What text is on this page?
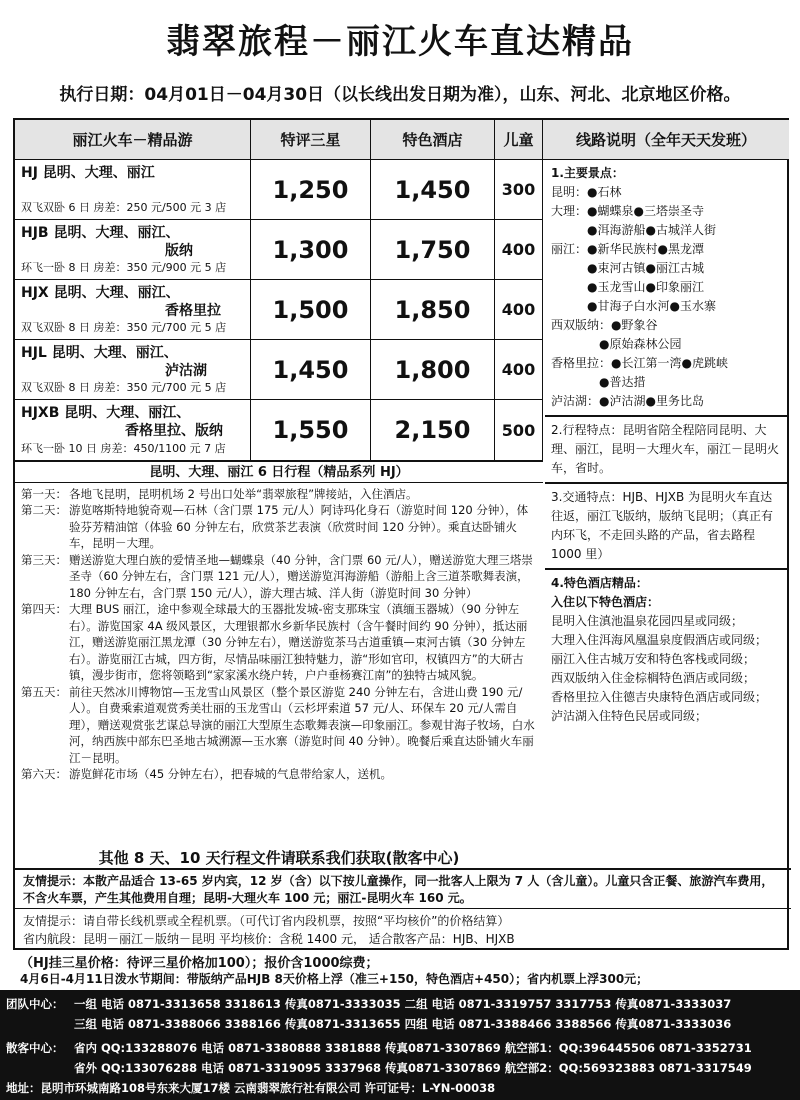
翡翠旅程－丽江火车直达精品
执行日期：04月01日－04月30日（以长线出发日期为准），山东、河北、北京地区价格。
丽江火车－精品游	特评三星	特色酒店	儿童	线路说明（全年天天发班）
HJ 昆明、大理、丽江
双飞双卧 6 日 房差：250 元/500 元 3 店
1,250	1,450	300
HJB 昆明、大理、丽江、
版纳
环飞一卧 8 日 房差：350 元/900 元 5 店
1,300	1,750	400
HJX 昆明、大理、丽江、
香格里拉
双飞双卧 8 日 房差：350 元/700 元 5 店
1,500	1,850	400
HJL 昆明、大理、丽江、
泸沽湖
双飞双卧 8 日 房差：350 元/700 元 5 店
1,450	1,800	400
HJXB 昆明、大理、丽江、
香格里拉、版纳
环飞一卧 10 日 房差：450/1100 元 7 店
1,550	2,150	500
1.主要景点：
昆明：●石林
大理：●蝴蝶泉●三塔崇圣寺
　　　●洱海游船●古城洋人街
丽江：●新华民族村●黑龙潭
　　　●束河古镇●丽江古城
　　　●玉龙雪山●印象丽江
　　　●甘海子白水河●玉水寨
西双版纳：●野象谷
　　　　●原始森林公园
香格里拉：●长江第一湾●虎跳峡
　　　　●普达措
泸沽湖：●泸沽湖●里务比岛
2.行程特点：昆明省陪全程陪同昆明、大理、丽江，昆明－大理火车，丽江－昆明火车，省时。
3.交通特点：HJB、HJXB 为昆明火车直达往返，丽江飞版纳，版纳飞昆明；（真正有内环飞，不走回头路的产品，省去路程 1000 里）
4.特色酒店精品：
入住以下特色酒店：
昆明入住滇池温泉花园四星或同级；
大理入住洱海风凰温泉度假酒店或同级；
丽江入住古城万安和特色客栈或同级；
西双版纳入住金棕榈特色酒店或同级；
香格里拉入住德吉央康特色酒店或同级；
泸沽湖入住特色民居或同级；
昆明、大理、丽江 6 日行程（精品系列 HJ）
第一天： 各地飞昆明，昆明机场 2 号出口处举“翡翠旅程”牌接站，入住酒店。
第二天： 游览喀斯特地貌奇观—石林（含门票 175 元/人）阿诗玛化身石（游览时间 120 分钟），体验芬芳精油馆（体验 60 分钟左右，欣赏茶艺表演（欣赏时间 120 分钟）。乘直达卧铺火车，昆明－大理。
第三天： 赠送游览大理白族的爱情圣地—蝴蝶泉（40 分钟，含门票 60 元/人），赠送游览大理三塔崇圣寺（60 分钟左右，含门票 121 元/人），赠送游览洱海游船（游船上含三道茶歌舞表演，180 分钟左右，含门票 150 元/人），游大理古城、洋人街（游览时间 30 分钟）
第四天： 大理 BUS 丽江，途中参观全球最大的玉器批发城-密支那珠宝（滇缅玉器城）（90 分钟左右）。游览国家 4A 级风景区，大理银都水乡新华民族村（含午餐时间约 90 分钟），抵达丽江，赠送游览丽江黑龙潭（30 分钟左右），赠送游览茶马古道重镇—束河古镇（30 分钟左右）。游览丽江古城，四方街，尽情品味丽江独特魅力，游“形如官印，权镇四方”的大研古镇，漫步街市，您将领略到“家家溪水绕户转，户户垂杨赛江南”的独特古城风貌。
第五天： 前往天然冰川博物馆—玉龙雪山风景区（整个景区游览 240 分钟左右，含进山费 190 元/人）。自费乘索道观赏秀美壮丽的玉龙雪山（云杉坪索道 57 元/人、环保车 20 元/人需自理），赠送观赏张艺谋总导演的丽江大型原生态歌舞表演—印象丽江。参观甘海子牧场，白水河，纳西族中部东巴圣地古城溯源—玉水寨（游览时间 40 分钟）。晚餐后乘直达卧铺火车丽江－昆明。
第六天： 游览鲜花市场（45 分钟左右），把春城的气息带给家人，送机。
其他 8 天、10 天行程文件请联系我们获取(散客中心)
友情提示：本散产品适合 13-65 岁内宾，12 岁（含）以下按儿童操作，同一批客人上限为 7 人（含儿童）。儿童只含正餐、旅游汽车费用，不含火车票，产生其他费用自理；昆明-大理火车 100 元；丽江-昆明火车 160 元。
友情提示：请自带长线机票或全程机票。（可代订省内段机票，按照“平均核价”的价格结算）
省内航段：昆明－丽江－版纳－昆明 平均核价：含税 1400 元， 适合散客产品：HJB、HJXB
（HJ挂三星价格：待评三星价格加100）；报价含1000综费；
4月6日-4月11日泼水节期间：带版纳产品HJB 8天价格上浮（准三+150，特色酒店+450）；省内机票上浮300元；
团队中心： 一组 电话 0871-3313658 3318613 传真0871-3333035 二组 电话 0871-3319757 3317753 传真0871-3333037
三组 电话 0871-3388066 3388166 传真0871-3313655 四组 电话 0871-3388466 3388566 传真0871-3333036
散客中心： 省内 QQ:133288076 电话 0871-3380888 3381888 传真0871-3307869 航空部1：QQ:396445506 0871-3352731
省外 QQ:133076288 电话 0871-3319095 3337968 传真0871-3307869 航空部2：QQ:569323883 0871-3317549
地址：昆明市环城南路108号东来大厦17楼 云南翡翠旅行社有限公司 许可证号：L-YN-00038
